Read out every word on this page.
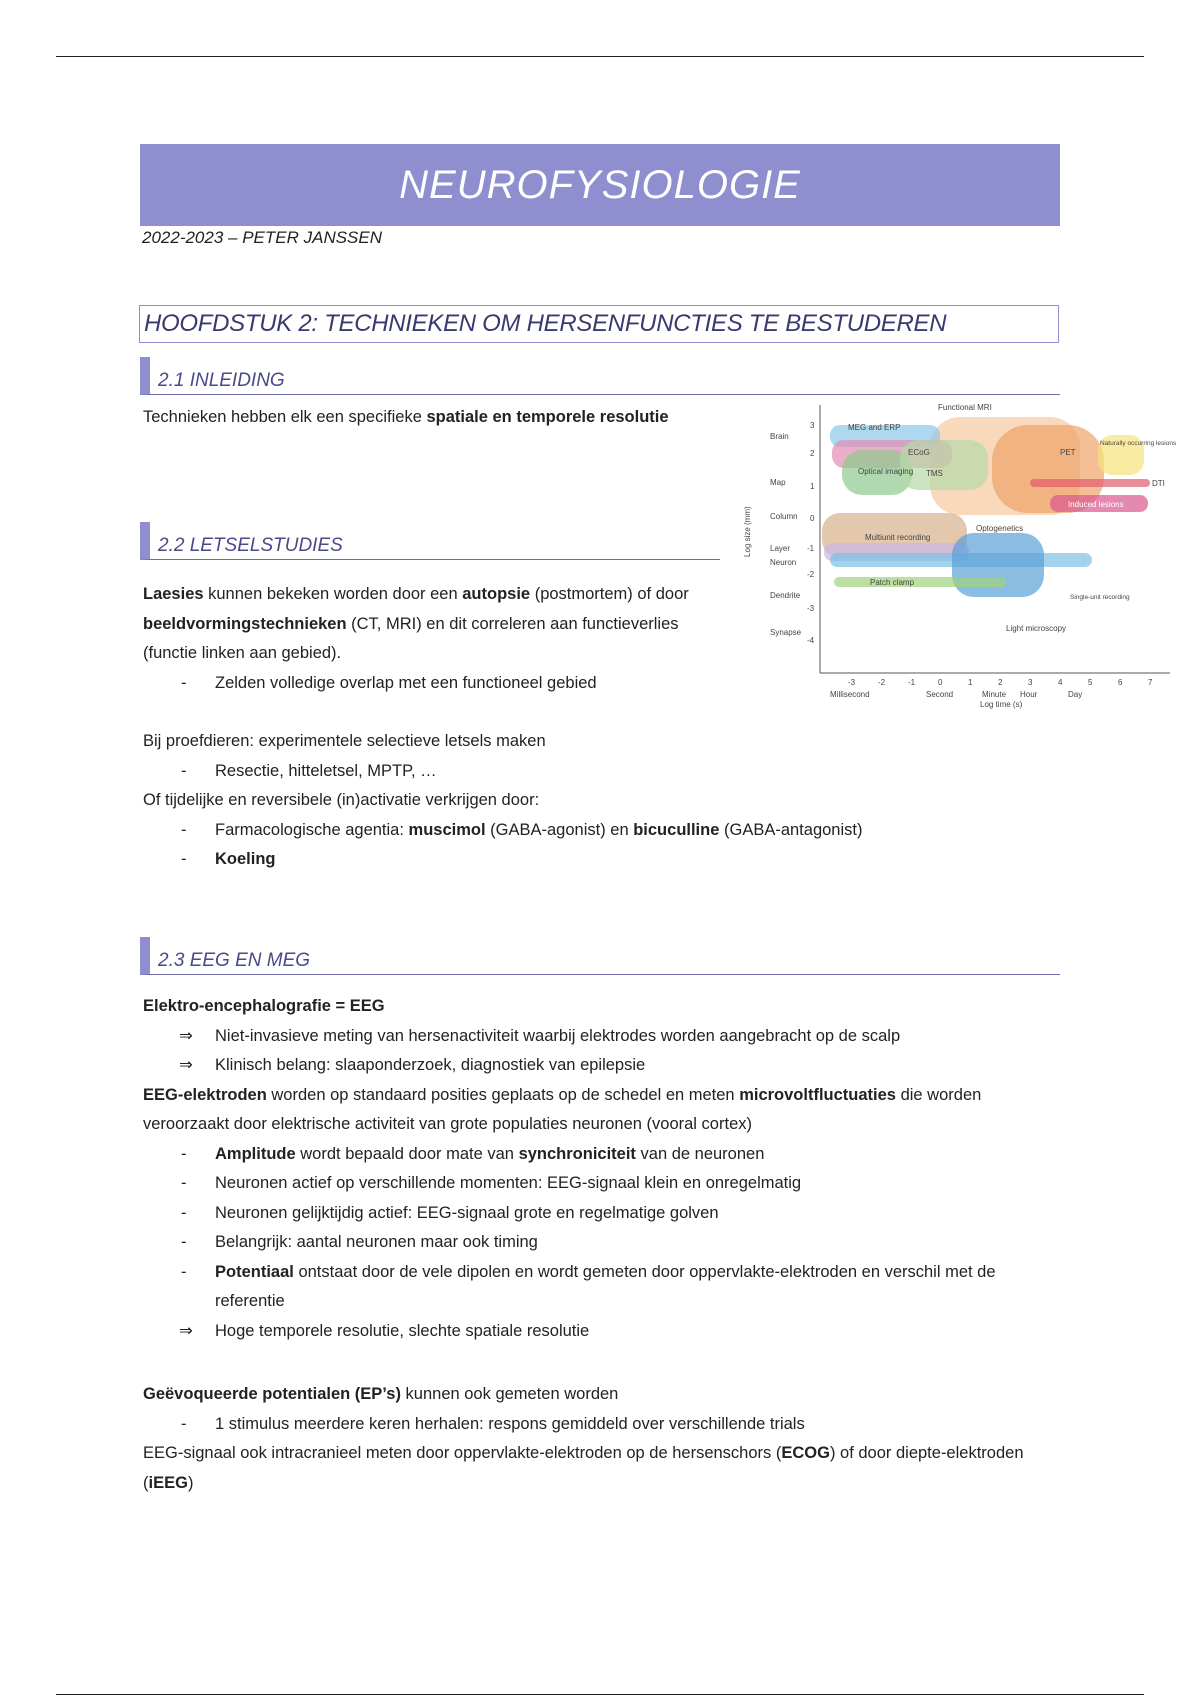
NEUROFYSIOLOGIE
2022-2023 – PETER JANSSEN
HOOFDSTUK 2: TECHNIEKEN OM HERSENFUNCTIES TE BESTUDEREN
2.1 INLEIDING

Technieken hebben elk een specifieke spatiale en temporele resolutie

2.2 LETSELSTUDIES

Laesies kunnen bekeken worden door een autopsie (postmortem) of door beeldvormingstechnieken (CT, MRI) en dit correleren aan functieverlies (functie linken aan gebied).

- Zelden volledige overlap met een functioneel gebied

Bij proefdieren: experimentele selectieve letsels maken

- Resectie, hitteletsel, MPTP, …

Of tijdelijke en reversibele (in)activatie verkrijgen door:

- Farmacologische agentia: muscimol (GABA-agonist) en bicuculline (GABA-antagonist)

- Koeling

2.3 EEG EN MEG

Elektro-encephalografie = EEG

⇒ Niet-invasieve meting van hersenactiviteit waarbij elektrodes worden aangebracht op de scalp

⇒ Klinisch belang: slaaponderzoek, diagnostiek van epilepsie

EEG-elektroden worden op standaard posities geplaats op de schedel en meten microvoltfluctuaties die worden veroorzaakt door elektrische activiteit van grote populaties neuronen (vooral cortex)

- Amplitude wordt bepaald door mate van synchroniciteit van de neuronen

- Neuronen actief op verschillende momenten: EEG-signaal klein en onregelmatig

- Neuronen gelijktijdig actief: EEG-signaal grote en regelmatige golven

- Belangrijk: aantal neuronen maar ook timing

- Potentiaal ontstaat door de vele dipolen en wordt gemeten door oppervlakte-elektroden en verschil met de referentie

⇒ Hoge temporele resolutie, slechte spatiale resolutie

Geëvoqueerde potentialen (EP’s) kunnen ook gemeten worden

- 1 stimulus meerdere keren herhalen: respons gemiddeld over verschillende trials

EEG-signaal ook intracranieel meten door oppervlakte-elektroden op de hersenschors (ECOG) of door diepte-elektroden (iEEG)

Functional MRI
MEG and ERP
ECoG
Optical imaging TMS
PET
Naturally occurring lesions
DTI
Induced lesions
Optogenetics
Multiunit recording
Patch clamp
Single-unit recording
Light microscopy
Brain
Map
Column
Layer
Neuron
Dendrite
Synapse
3
2
1
0
-1
-2
-3
-4
Log size (mm)
-3	-2	-1	0	1	2	3	4	5	6	7
Millisecond	Second	Minute Hour	Day
Log time (s)
